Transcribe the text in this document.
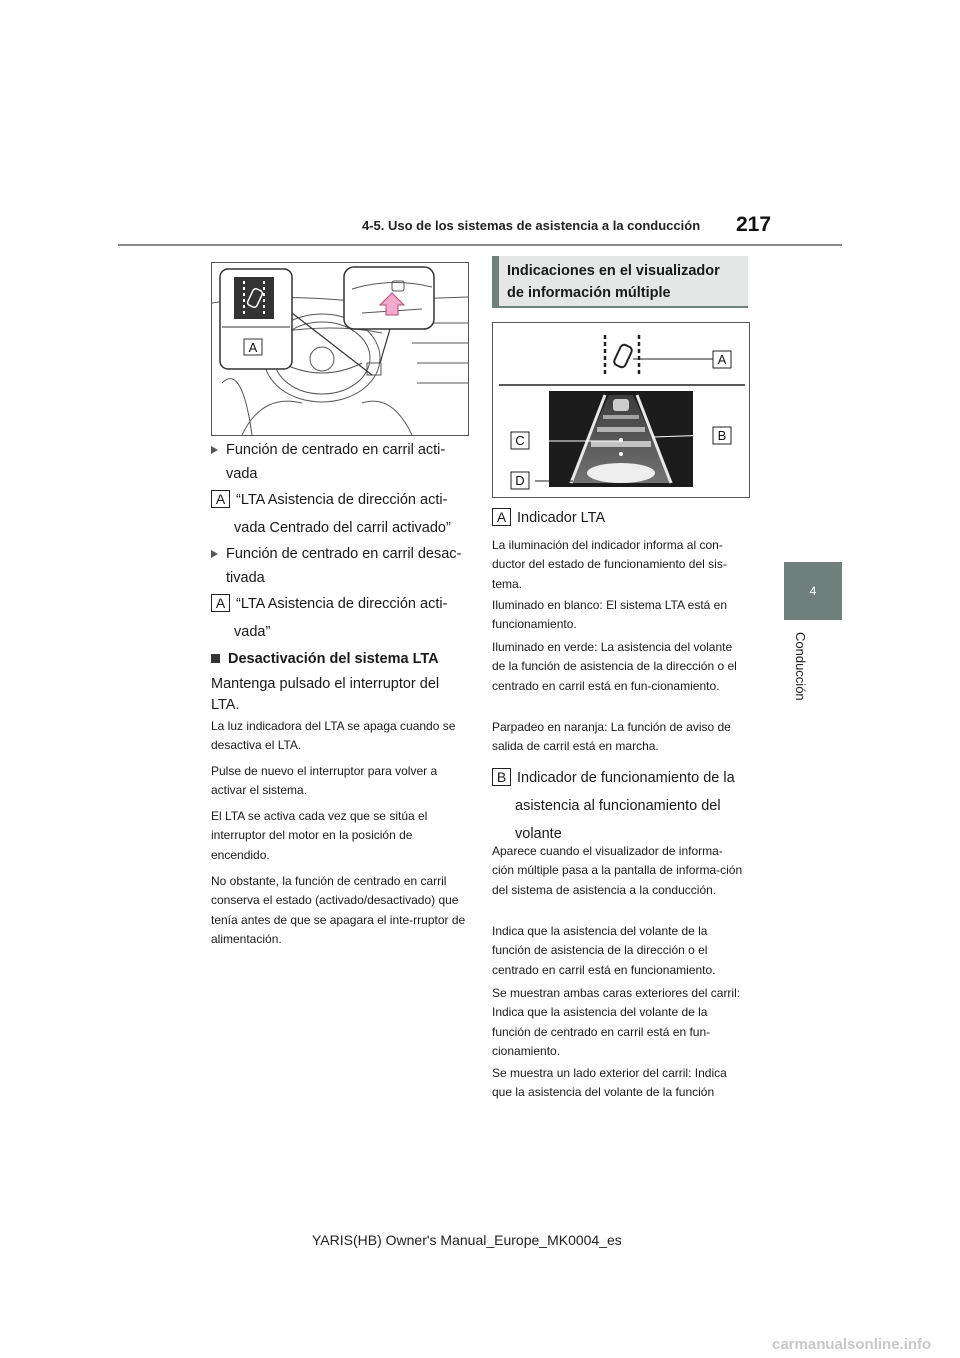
4-5. Uso de los sistemas de asistencia a la conducción 217
4
Conducción
A
Función de centrado en carril acti-
vada
A “LTA Asistencia de dirección acti-
vada Centrado del carril activado”
Función de centrado en carril desac-
tivada
A “LTA Asistencia de dirección acti-
vada”
Desactivación del sistema LTA
Mantenga pulsado el interruptor del LTA.
La luz indicadora del LTA se apaga cuando se desactiva el LTA.
Pulse de nuevo el interruptor para volver a activar el sistema.
El LTA se activa cada vez que se sitúa el interruptor del motor en la posición de encendido.
No obstante, la función de centrado en carril conserva el estado (activado/desactivado) que tenía antes de que se apagara el inte-rruptor de alimentación.
Indicaciones en el visualizador
de información múltiple
A
B
C
D
A Indicador LTA
La iluminación del indicador informa al con-ductor del estado de funcionamiento del sis-tema.
Iluminado en blanco: El sistema LTA está en funcionamiento.
Iluminado en verde: La asistencia del volante de la función de asistencia de la dirección o el centrado en carril está en fun-cionamiento.
Parpadeo en naranja: La función de aviso de salida de carril está en marcha.
B Indicador de funcionamiento de la
asistencia al funcionamiento del
volante
Aparece cuando el visualizador de informa-ción múltiple pasa a la pantalla de informa-ción del sistema de asistencia a la conducción.
Indica que la asistencia del volante de la función de asistencia de la dirección o el centrado en carril está en funcionamiento.
Se muestran ambas caras exteriores del carril: Indica que la asistencia del volante de la función de centrado en carril está en fun-cionamiento.
Se muestra un lado exterior del carril: Indica que la asistencia del volante de la función
YARIS(HB) Owner's Manual_Europe_MK0004_es
carmanualsonline.info
